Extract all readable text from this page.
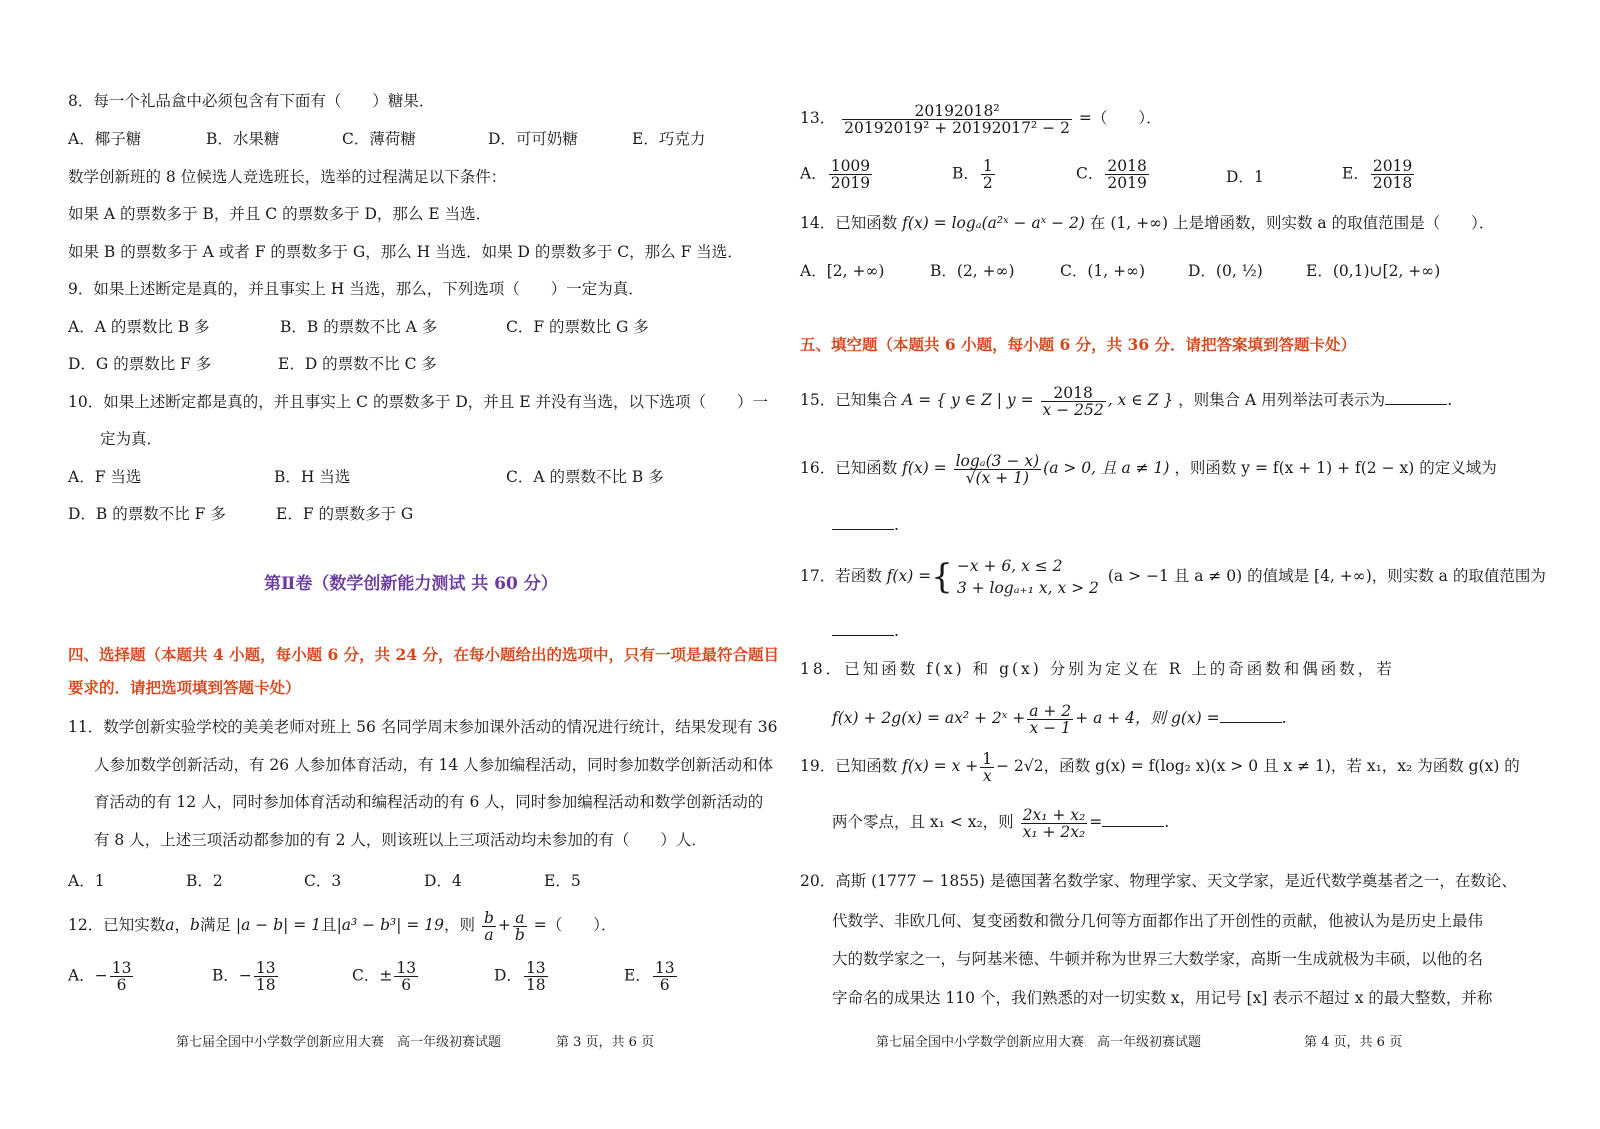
8．每一个礼品盒中必须包含有下面有（　　）糖果．
A．椰子糖	B．水果糖	C．薄荷糖	D．可可奶糖	E．巧克力
数学创新班的 8 位候选人竞选班长，选举的过程满足以下条件：
如果 A 的票数多于 B，并且 C 的票数多于 D，那么 E 当选．
如果 B 的票数多于 A 或者 F 的票数多于 G，那么 H 当选．如果 D 的票数多于 C，那么 F 当选．
9．如果上述断定是真的，并且事实上 H 当选，那么，下列选项（　　）一定为真．
A．A 的票数比 B 多	B．B 的票数不比 A 多	C．F 的票数比 G 多
D．G 的票数比 F 多	E．D 的票数不比 C 多
10．如果上述断定都是真的，并且事实上 C 的票数多于 D，并且 E 并没有当选，以下选项（　　）一
定为真．
A．F 当选	B．H 当选	C．A 的票数不比 B 多
D．B 的票数不比 F 多	E．F 的票数多于 G
第Ⅱ卷（数学创新能力测试 共 60 分）
四、选择题（本题共 4 小题，每小题 6 分，共 24 分，在每小题给出的选项中，只有一项是最符合题目
要求的．请把选项填到答题卡处）
11．数学创新实验学校的美美老师对班上 56 名同学周末参加课外活动的情况进行统计，结果发现有 36
人参加数学创新活动，有 26 人参加体育活动，有 14 人参加编程活动，同时参加数学创新活动和体
育活动的有 12 人，同时参加体育活动和编程活动的有 6 人，同时参加编程活动和数学创新活动的
有 8 人，上述三项活动都参加的有 2 人，则该班以上三项活动均未参加的有（　　）人．
A．1	B．2	C．3	D．4	E．5
12．已知实数a，b满足 |a − b| = 1且|a³ − b³| = 19，则 $\frac{b}{a} + \frac{a}{b}$ =（　　）．
A．− $\frac{13}{6}$	B．− $\frac{13}{18}$	C．± $\frac{13}{6}$	D． $\frac{13}{18}$	E． $\frac{13}{6}$
第七届全国中小学数学创新应用大赛　高一年级初赛试题	第 3 页，共 6 页
13． $\frac{\text{20192018²}}{\text{20192019² + 20192017² − 2}}$ =（　　）．
A． $\frac{1009}{2019}$	B． $\frac{1}{2}$	C． $\frac{2018}{2019}$	D．1	E． $\frac{2019}{2018}$
14．已知函数 f(x) = logₐ(a²ˣ − aˣ − 2) 在 (1, +∞) 上是增函数，则实数 a 的取值范围是（　　）．
A．[2, +∞)	B．(2, +∞)	C．(1, +∞)	D．(0, ½)	E．(0,1)∪[2, +∞)
五、填空题（本题共 6 小题，每小题 6 分，共 36 分．请把答案填到答题卡处）
15．已知集合 A = { y ∈ Z | $y = \frac{2018}{x - 252}$ , x ∈ Z } ，则集合 A 用列举法可表示为	.
16．已知函数 $f(x) = \frac{\text{logₐ(3 − x)}}{√(x + 1)} (a > 0$, 且 a ≠ 1) ，则函数 y = f(x + 1) + f(2 − x) 的定义域为
.
17．若函数 f(x) ={ −x + 6, x ≤ 2
3 + logₐ₊₁ x, x > 2
(a > −1 且 a ≠ 0) 的值域是 [4, +∞)，则实数 a 的取值范围为
.
18．已知函数 f(x) 和 g(x) 分别为定义在 R 上的奇函数和偶函数，若
f(x) + 2g(x) = ax² + 2ˣ + $\frac{a + 2}{x - 1} + a + 4$，则 g(x) =	.
19．已知函数 $f(x) = x + \frac{1}{x} - 2√2$，函数 g(x) = f(log₂ x)(x > 0 且 x ≠ 1)，若 x₁，x₂ 为函数 g(x) 的
两个零点，且 x₁ < x₂，则 $\frac{\text{2x₁ + x₂}}{\text{x₁ + 2x₂}}$ =	.
20．高斯 (1777 − 1855) 是德国著名数学家、物理学家、天文学家，是近代数学奠基者之一，在数论、
代数学、非欧几何、复变函数和微分几何等方面都作出了开创性的贡献，他被认为是历史上最伟
大的数学家之一，与阿基米德、牛顿并称为世界三大数学家，高斯一生成就极为丰硕，以他的名
字命名的成果达 110 个，我们熟悉的对一切实数 x，用记号 [x] 表示不超过 x 的最大整数，并称
第七届全国中小学数学创新应用大赛　高一年级初赛试题	第 4 页，共 6 页
